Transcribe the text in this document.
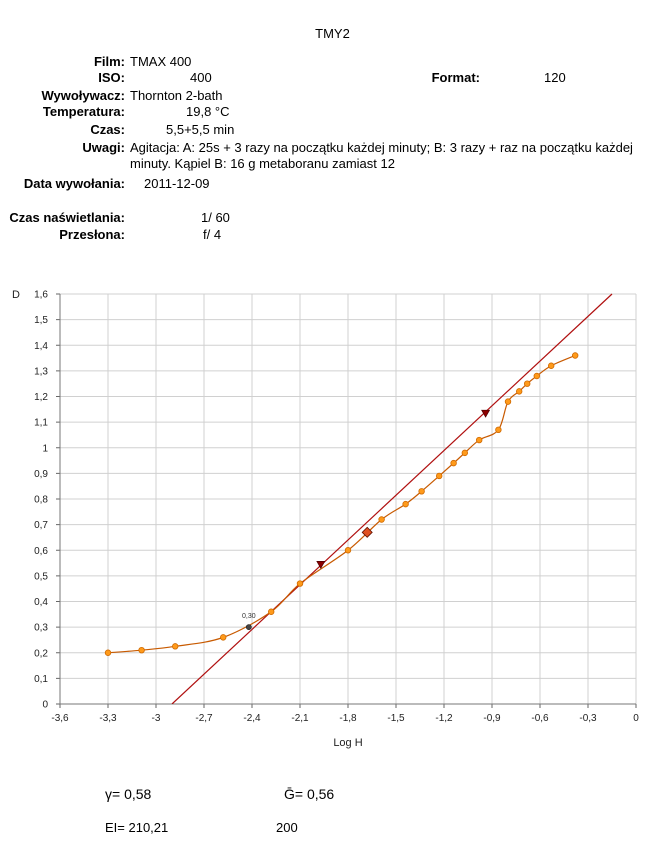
TMY2
Film: TMAX 400
ISO:	400	Format:	120
Wywoływacz: Thornton 2-bath
Temperatura:	19,8 °C
Czas:	5,5+5,5 min
Uwagi: Agitacja: A: 25s + 3 razy na początku każdej minuty; B: 3 razy + raz na początku każdej
minuty. Kąpiel B: 16 g metaboranu zamiast 12
Data wywołania: 2011-12-09
Czas naświetlania:	1/ 60
Przesłona:	f/ 4
-3,6	-3,3	-3	-2,7	-2,4	-2,1	-1,8	-1,5	-1,2	-0,9	-0,6	-0,3	0
0
0,1
0,2
0,3
0,4
0,5
0,6
0,7
0,8
0,9
1
1,1
1,2
1,3
1,4
1,5
1,6
D
Log H
0,30
γ= 0,58	Ḡ= 0,56
EI= 210,21	200
